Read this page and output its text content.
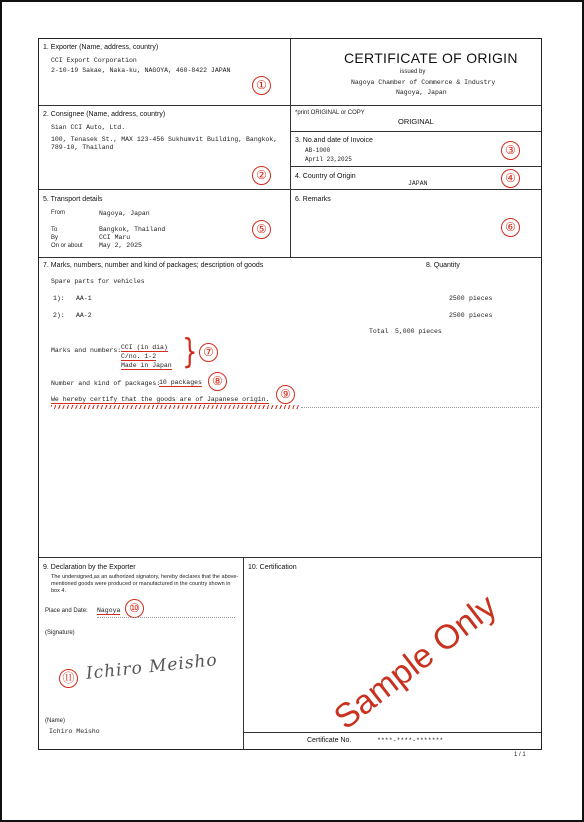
1. Exporter (Name, address, country)
CCI Export Corporation
2-10-19 Sakae, Naka-ku, NAGOYA, 460-8422 JAPAN
①
CERTIFICATE OF ORIGIN
issued by
Nagoya Chamber of Commerce & Industry
Nagoya, Japan
2. Consignee (Name, address, country)
Sian CCI Auto, Ltd.
100, Tenasek St., MAX 123-456 Sukhumvit Building, Bangkok,
789-10, Thailand
②
*print ORIGINAL or COPY
ORIGINAL
3. No.and date of Invoice
AB-1000
April 23,2025
③
4. Country of Origin
JAPAN	④
5. Transport details
From	Nagoya, Japan
To	Bangkok, Thailand
By	CCI Maru
On or about	May 2, 2025
⑤
6. Remarks
⑥
7. Marks, numbers, number and kind of packages; description of goods	8. Quantity
Spare parts for vehicles
1): AA-1	2500 pieces
2): AA-2	2500 pieces
Total 5,000 pieces
Marks and numbers: CCI (in dia)
C/no. 1-2
Made in Japan } ⑦
Number and kind of packages:
10 packages ⑧
We hereby certify that the goods are of Japanese origin. ⑨
9. Declaration by the Exporter
The undersigned,as an authorized signatory, hereby declares that the above-mentioned goods were produced or manufactured in the country shown in box 4.
Place and Date: Nagoya ⑩
(Signature)
⑪ Ichiro Meisho
(Name)
Ichiro Meisho
10. Certification
Sample Only
Certificate No.	****-****-*******
1 / 1
